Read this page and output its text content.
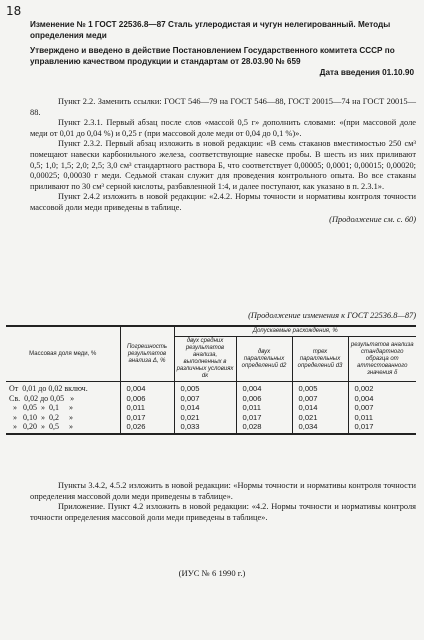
18
Изменение № 1 ГОСТ 22536.8—87 Сталь углеродистая и чугун нелегированный. Методы определения меди
Утверждено и введено в действие Постановлением Государственного комитета СССР по управлению качеством продукции и стандартам от 28.03.90 № 659
Дата введения 01.10.90

Пункт 2.2. Заменить ссылки: ГОСТ 546—79 на ГОСТ 546—88, ГОСТ 20015—74 на ГОСТ 20015—88.

Пункт 2.3.1. Первый абзац после слов «массой 0,5 г» дополнить словами: «(при массовой доле меди от 0,01 до 0,04 %) и 0,25 г (при массовой доле меди от 0,04 до 0,1 %)».

Пункт 2.3.2. Первый абзац изложить в новой редакции: «В семь стаканов вместимостью 250 см³ помещают навески карбонильного железа, соответствующие навеске пробы. В шесть из них приливают 0,5; 1,0; 1,5; 2,0; 2,5; 3,0 см³ стандартного раствора Б, что соответствует 0,00005; 0,0001; 0,00015; 0,00020; 0,00025; 0,00030 г меди. Седьмой стакан служит для проведения контрольного опыта. Во все стаканы приливают по 30 см³ серной кислоты, разбавленной 1:4, и далее поступают, как указано в п. 2.3.1».

Пункт 2.4.2 изложить в новой редакции: «2.4.2. Нормы точности и нормативы контроля точности массовой доли меди приведены в таблице.

(Продолжение см. с. 60)

(Продолжение изменения к ГОСТ 22536.8—87)
Массовая доля меди, %	Погрешность результатов анализа Δ, %	Допускаемые расхождения, %			
		двух средних результатов анализа, выполненных в различных условиях dк	двух параллельных определений d2	трех параллельных определений d3	результатов анализа стандартного образца от аттестованного значения δ
От  0,01 до 0,02 включ.	0,004	0,005	0,004	0,005	0,002
Св.  0,02 до 0,05   »	0,006	0,007	0,006	0,007	0,004
»   0,05  »  0,1     »	0,011	0,014	0,011	0,014	0,007
»   0,10  »  0,2     »	0,017	0,021	0,017	0,021	0,011
»   0,20  »  0,5     »	0,026	0,033	0,028	0,034	0,017

Пункты 3.4.2, 4.5.2 изложить в новой редакции: «Нормы точности и нормативы контроля точности определения массовой доли меди приведены в таблице».

Приложение. Пункт 4.2 изложить в новой редакции: «4.2. Нормы точности и нормативы контроля точности определения массовой доли меди приведены в таблице».

(ИУС № 6 1990 г.)
